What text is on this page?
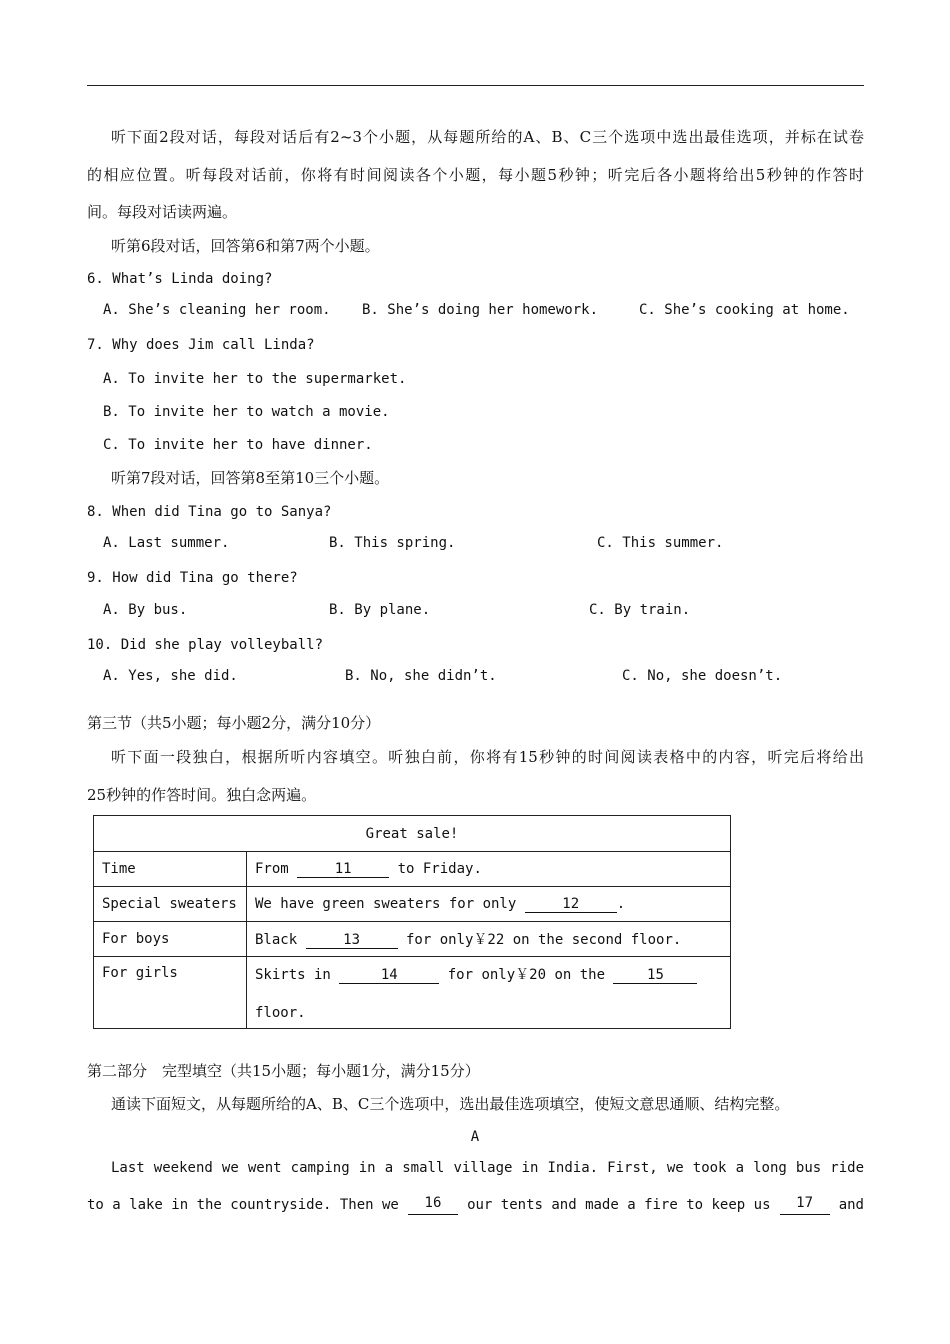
听下面2段对话，每段对话后有2~3个小题，从每题所给的A、B、C三个选项中选出最佳选项，并标在试卷
的相应位置。听每段对话前，你将有时间阅读各个小题，每小题5秒钟；听完后各小题将给出5秒钟的作答时
间。每段对话读两遍。
听第6段对话，回答第6和第7两个小题。
6. What’s Linda doing?
A. She’s cleaning her room. B. She’s doing her homework.	C. She’s cooking at home.
7. Why does Jim call Linda?
A. To invite her to the supermarket.
B. To invite her to watch a movie.
C. To invite her to have dinner.
听第7段对话，回答第8至第10三个小题。
8. When did Tina go to Sanya?
A. Last summer.	B. This spring.	C. This summer.
9. How did Tina go there?
A. By bus.	B. By plane.	C. By train.
10. Did she play volleyball?
A. Yes, she did.	B. No, she didn’t.	C. No, she doesn’t.
第三节（共5小题；每小题2分，满分10分）
听下面一段独白，根据所听内容填空。听独白前，你将有15秒钟的时间阅读表格中的内容，听完后将给出
25秒钟的作答时间。独白念两遍。
Great sale!	
Time	From 11 to Friday.
Special sweaters	We have green sweaters for only 12 .
For boys	Black 13 for only￥22 on the second floor.
For girls	Skirts in 14 for only￥20 on the 15
floor.
第二部分　完型填空（共15小题；每小题1分，满分15分）
通读下面短文，从每题所给的A、B、C三个选项中，选出最佳选项填空，使短文意思通顺、结构完整。
A
Last weekend we went camping in a small village in India. First, we took a long bus ride
to a lake in the countryside. Then we	16	our tents and made a fire to keep us	17	and
